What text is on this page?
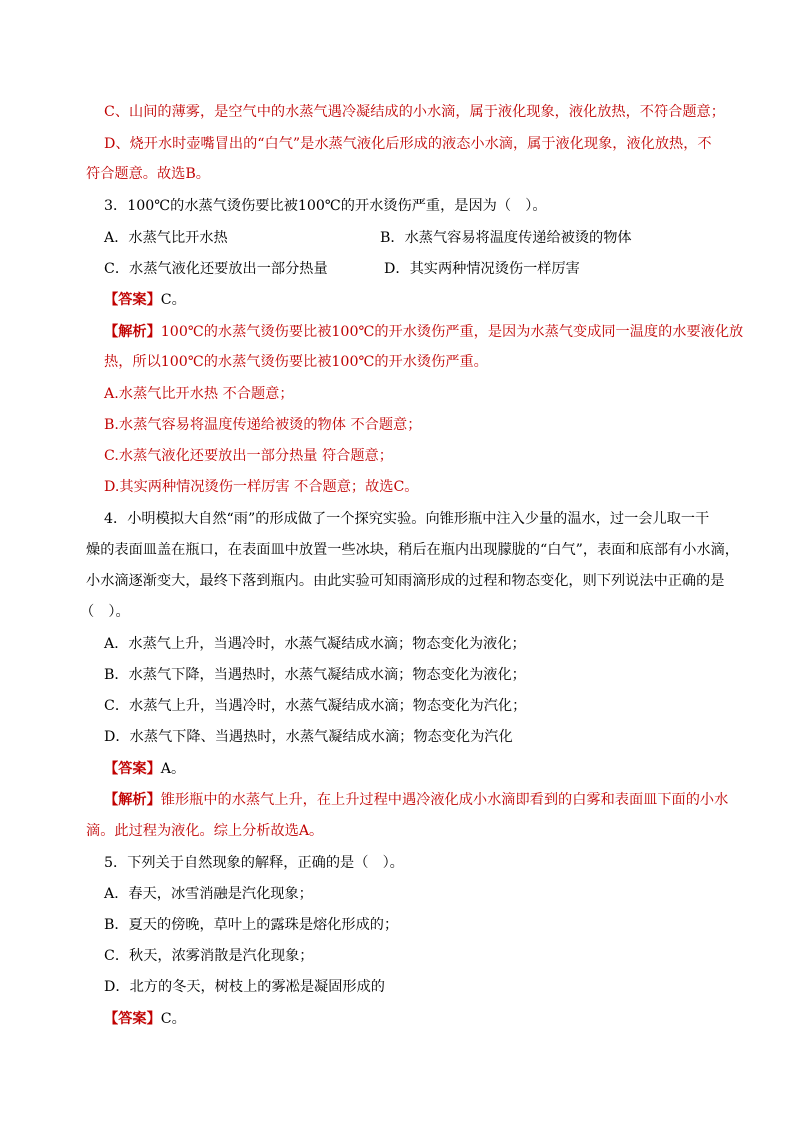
C、山间的薄雾，是空气中的水蒸气遇冷凝结成的小水滴，属于液化现象，液化放热，不符合题意；
D、烧开水时壶嘴冒出的“白气”是水蒸气液化后形成的液态小水滴，属于液化现象，液化放热，不
符合题意。故选B。
3．100℃的水蒸气烫伤要比被100℃的开水烫伤严重，是因为（　）。
A．水蒸气比开水热	B．水蒸气容易将温度传递给被烫的物体
C．水蒸气液化还要放出一部分热量	D．其实两种情况烫伤一样厉害
【答案】C。
【解析】100℃的水蒸气烫伤要比被100℃的开水烫伤严重，是因为水蒸气变成同一温度的水要液化放
热，所以100℃的水蒸气烫伤要比被100℃的开水烫伤严重。
A.水蒸气比开水热 不合题意；
B.水蒸气容易将温度传递给被烫的物体 不合题意；
C.水蒸气液化还要放出一部分热量 符合题意；
D.其实两种情况烫伤一样厉害 不合题意；故选C。
4．小明模拟大自然“雨”的形成做了一个探究实验。向锥形瓶中注入少量的温水，过一会儿取一干
燥的表面皿盖在瓶口，在表面皿中放置一些冰块，稍后在瓶内出现朦胧的“白气”，表面和底部有小水滴，
小水滴逐渐变大，最终下落到瓶内。由此实验可知雨滴形成的过程和物态变化，则下列说法中正确的是
（　）。
A．水蒸气上升，当遇冷时，水蒸气凝结成水滴；物态变化为液化；
B．水蒸气下降，当遇热时，水蒸气凝结成水滴；物态变化为液化；
C．水蒸气上升，当遇冷时，水蒸气凝结成水滴；物态变化为汽化；
D．水蒸气下降、当遇热时，水蒸气凝结成水滴；物态变化为汽化
【答案】A。
【解析】锥形瓶中的水蒸气上升，在上升过程中遇冷液化成小水滴即看到的白雾和表面皿下面的小水
滴。此过程为液化。综上分析故选A。
5．下列关于自然现象的解释，正确的是（　）。
A．春天，冰雪消融是汽化现象；
B．夏天的傍晚，草叶上的露珠是熔化形成的；
C．秋天，浓雾消散是汽化现象；
D．北方的冬天，树枝上的雾凇是凝固形成的
【答案】C。
